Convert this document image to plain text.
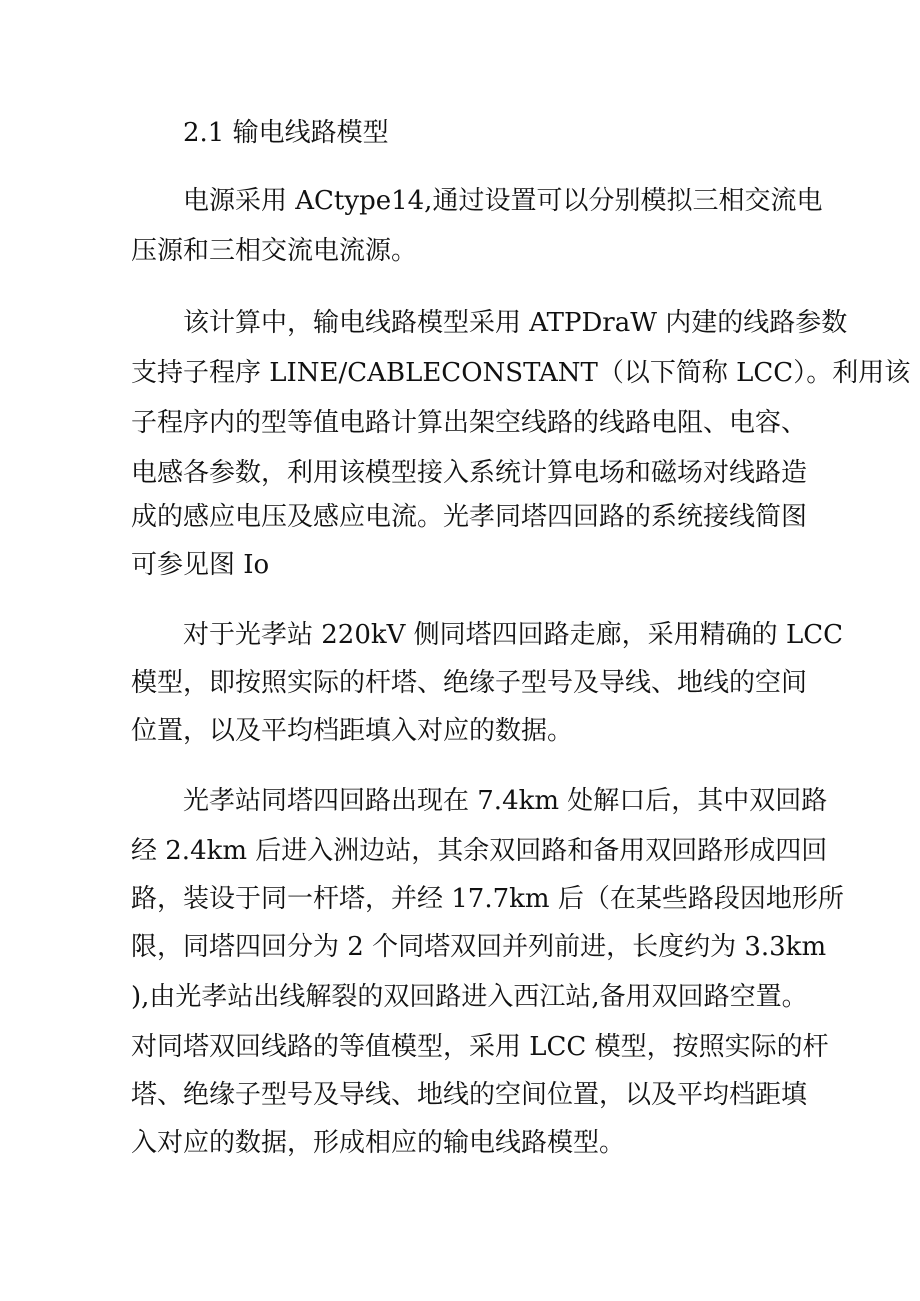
2.1 输电线路模型

电源采用 ACtype14,通过设置可以分别模拟三相交流电

压源和三相交流电流源。

该计算中，输电线路模型采用 ATPDraW 内建的线路参数

支持子程序 LINE/CABLECONSTANT（以下简称 LCC）。利用该

子程序内的型等值电路计算出架空线路的线路电阻、电容、

电感各参数，利用该模型接入系统计算电场和磁场对线路造

成的感应电压及感应电流。光孝同塔四回路的系统接线简图

可参见图 Io

对于光孝站 220kV 侧同塔四回路走廊，采用精确的 LCC

模型，即按照实际的杆塔、绝缘子型号及导线、地线的空间

位置，以及平均档距填入对应的数据。

光孝站同塔四回路出现在 7.4km 处解口后，其中双回路

经 2.4km 后进入洲边站，其余双回路和备用双回路形成四回

路，装设于同一杆塔，并经 17.7km 后（在某些路段因地形所

限，同塔四回分为 2 个同塔双回并列前进，长度约为 3.3km

),由光孝站出线解裂的双回路进入西江站,备用双回路空置。

对同塔双回线路的等值模型，采用 LCC 模型，按照实际的杆

塔、绝缘子型号及导线、地线的空间位置，以及平均档距填

入对应的数据，形成相应的输电线路模型。
